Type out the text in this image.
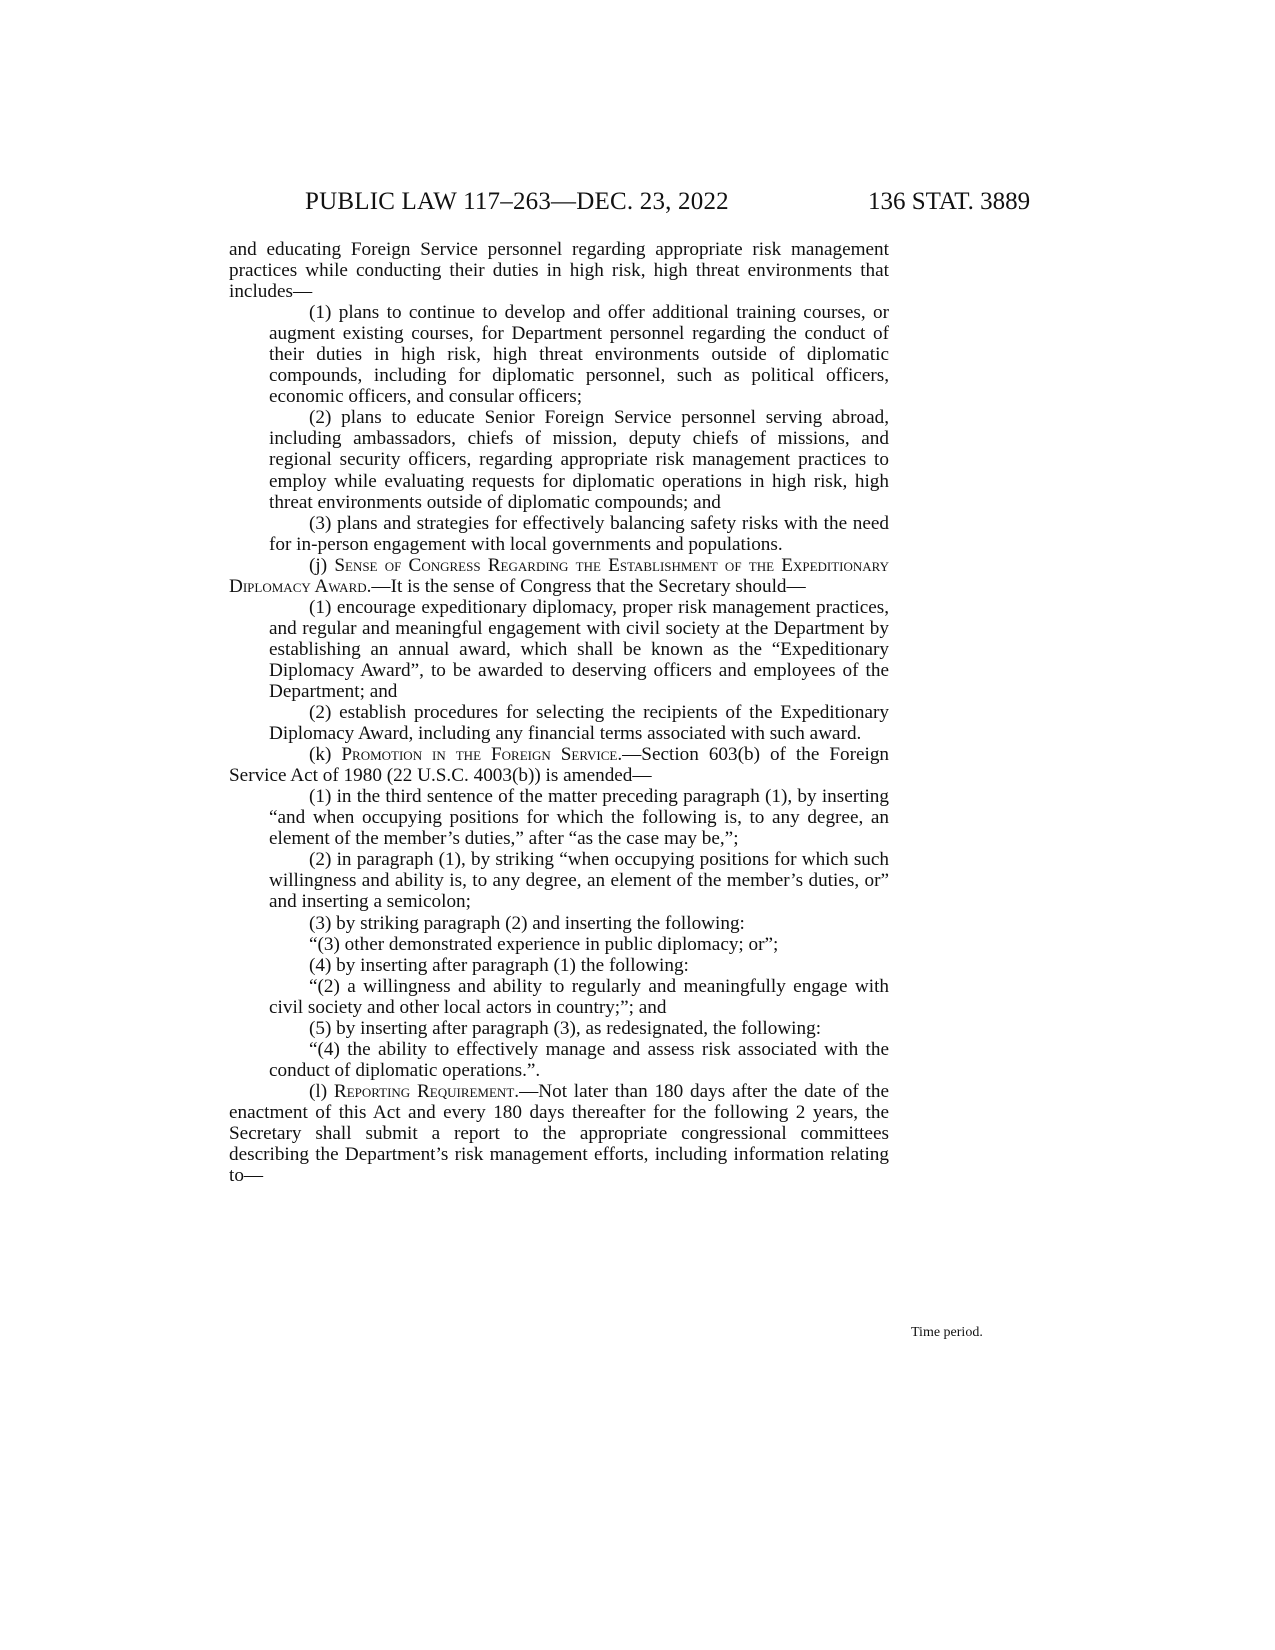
PUBLIC LAW 117–263—DEC. 23, 2022	136 STAT. 3889

and educating Foreign Service personnel regarding appropriate risk management practices while conducting their duties in high risk, high threat environments that includes—

(1) plans to continue to develop and offer additional training courses, or augment existing courses, for Department personnel regarding the conduct of their duties in high risk, high threat environments outside of diplomatic compounds, including for diplomatic personnel, such as political officers, economic officers, and consular officers;

(2) plans to educate Senior Foreign Service personnel serving abroad, including ambassadors, chiefs of mission, deputy chiefs of missions, and regional security officers, regarding appropriate risk management practices to employ while evaluating requests for diplomatic operations in high risk, high threat environments outside of diplomatic compounds; and

(3) plans and strategies for effectively balancing safety risks with the need for in-person engagement with local governments and populations.

(j) Sense of Congress Regarding the Establishment of the Expeditionary Diplomacy Award.—It is the sense of Congress that the Secretary should—

(1) encourage expeditionary diplomacy, proper risk management practices, and regular and meaningful engagement with civil society at the Department by establishing an annual award, which shall be known as the “Expeditionary Diplomacy Award”, to be awarded to deserving officers and employees of the Department; and

(2) establish procedures for selecting the recipients of the Expeditionary Diplomacy Award, including any financial terms associated with such award.

(k) Promotion in the Foreign Service.—Section 603(b) of the Foreign Service Act of 1980 (22 U.S.C. 4003(b)) is amended—

(1) in the third sentence of the matter preceding paragraph (1), by inserting “and when occupying positions for which the following is, to any degree, an element of the member’s duties,” after “as the case may be,”;

(2) in paragraph (1), by striking “when occupying positions for which such willingness and ability is, to any degree, an element of the member’s duties, or” and inserting a semicolon;

(3) by striking paragraph (2) and inserting the following:

“(3) other demonstrated experience in public diplomacy; or”;

(4) by inserting after paragraph (1) the following:

“(2) a willingness and ability to regularly and meaningfully engage with civil society and other local actors in country;”; and

(5) by inserting after paragraph (3), as redesignated, the following:

“(4) the ability to effectively manage and assess risk associated with the conduct of diplomatic operations.”.

(l) Reporting Requirement.—Not later than 180 days after the date of the enactment of this Act and every 180 days thereafter for the following 2 years, the Secretary shall submit a report to the appropriate congressional committees describing the Department’s risk management efforts, including information relating to—

Time period.
